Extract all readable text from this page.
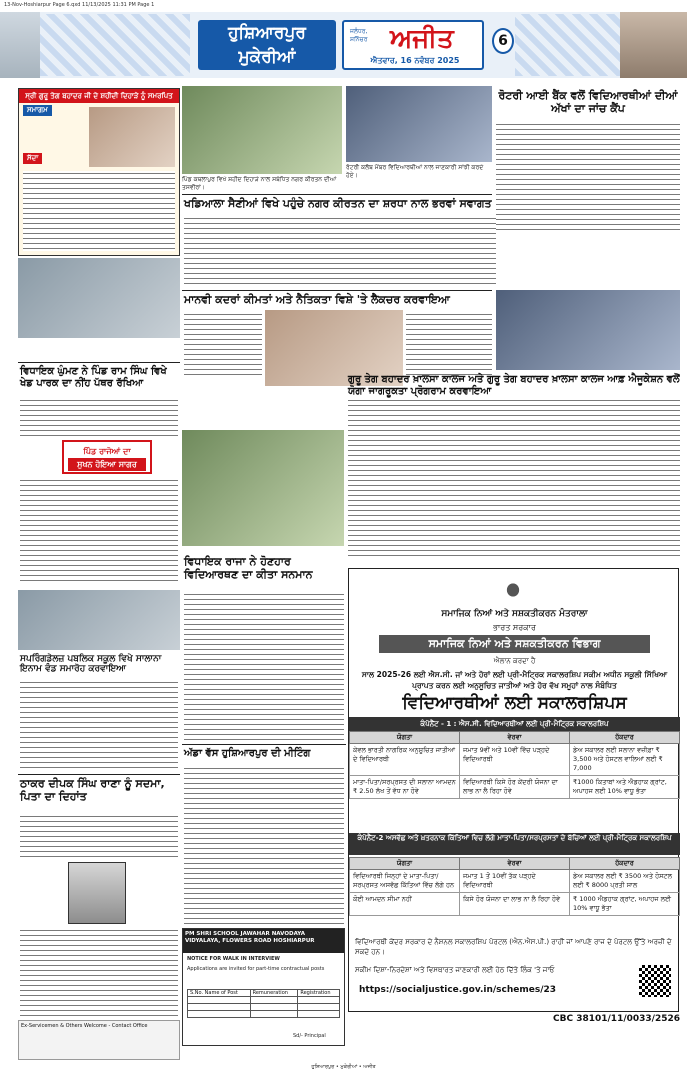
13-Nov-Hoshiarpur Page 6.qxd 11/13/2025 11:31 PM Page 1
ਹੁਸ਼ਿਆਰਪੁਰ
ਮੁਕੇਰੀਆਂ
ਜਲੰਧਰ, ਸ਼ਨਿੱਚਰ ਅਜੀਤ
ਐਤਵਾਰ, 16 ਨਵੰਬਰ 2025
6
ਸ੍ਰੀ ਗੁਰੂ ਤੇਗ ਬਹਾਦਰ ਜੀ ਦੇ ਸ਼ਹੀਦੀ ਦਿਹਾੜੇ ਨੂੰ ਸਮਰਪਿਤ
ਸਮਾਗਮ
ਸੱਦਾ
ਪਿੰਡ ਕਥਲਾਪੁਰ ਵਿਖੇ ਸ਼ਹੀਦ ਦਿਹਾੜੇ ਨਾਲ ਸਬੰਧਿਤ ਨਗਰ ਕੀਰਤਨ ਦੀਆਂ ਤਸਵੀਰਾਂ।
ਰੋਟਰੀ ਕਲੱਬ ਮੈਂਬਰ ਵਿਦਿਆਰਥੀਆਂ ਨਾਲ ਜਾਣਕਾਰੀ ਸਾਂਝੀ ਕਰਦੇ ਹੋਏ।
ਰੋਟਰੀ ਆਈ ਬੈਂਕ ਵਲੋਂ ਵਿਦਿਆਰਥੀਆਂ ਦੀਆਂ ਅੱਖਾਂ ਦਾ ਜਾਂਚ ਕੈਂਪ
ਖਡਿਆਲਾ ਸੈਣੀਆਂ ਵਿਖੇ ਪਹੁੰਚੇ ਨਗਰ ਕੀਰਤਨ ਦਾ ਸ਼ਰਧਾ ਨਾਲ ਭਰਵਾਂ ਸਵਾਗਤ
ਮਾਨਵੀ ਕਦਰਾਂ ਕੀਮਤਾਂ ਅਤੇ ਨੈਤਿਕਤਾ ਵਿਸ਼ੇ 'ਤੇ ਲੈਕਚਰ ਕਰਵਾਇਆ
ਵਿਧਾਇਕ ਘੁੰਮਣ ਨੇ ਪਿੰਡ ਰਾਮ ਸਿੰਘ ਵਿਖੇ ਖੇਡ ਪਾਰਕ ਦਾ ਨੀਂਹ ਪੱਥਰ ਰੱਖਿਆ
ਪਿੰਡ ਰਾਜੋਆਂ ਦਾ
ਸੁਖਨ ਹੋਇਆ ਸਾਗਰ
ਗੁਰੂ ਤੇਗ ਬਹਾਦਰ ਖ਼ਾਲਸਾ ਕਾਲਜ ਅਤੇ ਗੁਰੂ ਤੇਗ ਬਹਾਦਰ ਖ਼ਾਲਸਾ ਕਾਲਜ ਆਫ਼ ਐਜੂਕੇਸ਼ਨ ਵਲੋਂ ਯੋਗਾ ਜਾਗਰੂਕਤਾ ਪ੍ਰੋਗਰਾਮ ਕਰਵਾਇਆ
ਵਿਧਾਇਕ ਰਾਜਾ ਨੇ ਹੋਣਹਾਰ ਵਿਦਿਆਰਥਣ ਦਾ ਕੀਤਾ ਸਨਮਾਨ
ਸਪਰਿੰਗਡੇਲਜ਼ ਪਬਲਿਕ ਸਕੂਲ ਵਿਖੇ ਸਾਲਾਨਾ ਇਨਾਮ ਵੰਡ ਸਮਾਰੋਹ ਕਰਵਾਇਆ
ਅੱਡਾ ਵੱਸ ਹੁਸ਼ਿਆਰਪੁਰ ਦੀ ਮੀਟਿੰਗ
ਠਾਕਰ ਦੀਪਕ ਸਿੰਘ ਰਾਣਾ ਨੂੰ ਸਦਮਾ, ਪਿਤਾ ਦਾ ਦਿਹਾਂਤ
Ex-Servicemen & Others Welcome - Contact Office
PM SHRI SCHOOL JAWAHAR NAVODAYA VIDYALAYA, FLOWERS ROAD HOSHIARPUR
NOTICE FOR WALK IN INTERVIEW
Applications are invited for part-time contractual posts
S.No. Name of Post	Remuneration	Registration

Sd/- Principal
ਸਮਾਜਿਕ ਨਿਆਂ ਅਤੇ ਸਸ਼ਕਤੀਕਰਨ ਮੰਤਰਾਲਾ
ਭਾਰਤ ਸਰਕਾਰ
ਸਮਾਜਿਕ ਨਿਆਂ ਅਤੇ ਸਸ਼ਕਤੀਕਰਨ ਵਿਭਾਗ
ਐਲਾਨ ਕਰਦਾ ਹੈ
ਸਾਲ 2025-26 ਲਈ ਐਸ.ਸੀ. ਜਾਂ ਅਤੇ ਹੋਰਾਂ ਲਈ ਪ੍ਰੀ-ਮੈਟ੍ਰਿਕ ਸਕਾਲਰਸ਼ਿਪ ਸਕੀਮ ਅਧੀਨ ਸਕੂਲੀ ਸਿੱਖਿਆ ਪ੍ਰਾਪਤ ਕਰਨ ਲਈ ਅਨੁਸੂਚਿਤ ਜਾਤੀਆਂ ਅਤੇ ਹੋਰ ਵੱਖ ਸਮੂਹਾਂ ਨਾਲ ਸੰਬੰਧਿਤ
ਵਿਦਿਆਰਥੀਆਂ ਲਈ ਸਕਾਲਰਸ਼ਿਪਸ
ਕੰਪੋਨੈਂਟ - 1 : ਐਸ.ਸੀ. ਵਿਦਿਆਰਥੀਆਂ ਲਈ ਪ੍ਰੀ-ਮੈਟ੍ਰਿਕ ਸਕਾਲਰਸ਼ਿਪ
ਯੋਗਤਾ	ਵੇਰਵਾ	ਹੱਕਦਾਰ
ਕੇਵਲ ਭਾਰਤੀ ਨਾਗਰਿਕ ਅਨੁਸੂਚਿਤ ਜਾਤੀਆਂ ਦੇ ਵਿਦਿਆਰਥੀ	ਜਮਾਤ 9ਵੀਂ ਅਤੇ 10ਵੀਂ ਵਿੱਚ ਪੜ੍ਹਦੇ ਵਿਦਿਆਰਥੀ	ਡੇਅ ਸਕਾਲਰ ਲਈ ਸਲਾਨਾ ਵਜ਼ੀਫ਼ਾ ₹ 3,500 ਅਤੇ ਹੋਸਟਲ ਵਾਲਿਆਂ ਲਈ ₹ 7,000
ਮਾਤਾ-ਪਿਤਾ/ਸਰਪ੍ਰਸਤ ਦੀ ਸਲਾਨਾ ਆਮਦਨ ₹ 2.50 ਲੱਖ ਤੋਂ ਵੱਧ ਨਾ ਹੋਵੇ	ਵਿਦਿਆਰਥੀ ਕਿਸੇ ਹੋਰ ਕੇਂਦਰੀ ਯੋਜਨਾ ਦਾ ਲਾਭ ਨਾ ਲੈ ਰਿਹਾ ਹੋਵੇ	₹1000 ਕਿਤਾਬਾਂ ਅਤੇ ਐਡਹਾਕ ਗ੍ਰਾਂਟ, ਅਪਾਹਜ ਲਈ 10% ਵਾਧੂ ਭੱਤਾ
ਕੰਪੋਨੈਂਟ-2 ਅਸਵੱਛ ਅਤੇ ਖ਼ਤਰਨਾਕ ਕਿੱਤਿਆਂ ਵਿਚ ਲੱਗੇ ਮਾਤਾ-ਪਿਤਾ/ਸਰਪ੍ਰਸਤਾਂ ਦੇ ਬੱਚਿਆਂ ਲਈ ਪ੍ਰੀ-ਮੈਟ੍ਰਿਕ ਸਕਾਲਰਸ਼ਿਪ
ਯੋਗਤਾ	ਵੇਰਵਾ	ਹੱਕਦਾਰ
ਵਿਦਿਆਰਥੀ ਜਿਨ੍ਹਾਂ ਦੇ ਮਾਤਾ-ਪਿਤਾ/ਸਰਪ੍ਰਸਤ ਅਸਵੱਛ ਕਿੱਤਿਆਂ ਵਿੱਚ ਲੱਗੇ ਹਨ	ਜਮਾਤ 1 ਤੋਂ 10ਵੀਂ ਤੱਕ ਪੜ੍ਹਦੇ ਵਿਦਿਆਰਥੀ	ਡੇਅ ਸਕਾਲਰ ਲਈ ₹ 3500 ਅਤੇ ਹੋਸਟਲ ਲਈ ₹ 8000 ਪ੍ਰਤੀ ਸਾਲ
ਕੋਈ ਆਮਦਨ ਸੀਮਾ ਨਹੀਂ	ਕਿਸੇ ਹੋਰ ਯੋਜਨਾ ਦਾ ਲਾਭ ਨਾ ਲੈ ਰਿਹਾ ਹੋਵੇ	₹ 1000 ਐਡਹਾਕ ਗ੍ਰਾਂਟ, ਅਪਾਹਜ ਲਈ 10% ਵਾਧੂ ਭੱਤਾ
ਵਿਦਿਆਰਥੀ ਕੇਂਦਰ ਸਰਕਾਰ ਦੇ ਨੈਸ਼ਨਲ ਸਕਾਲਰਸ਼ਿਪ ਪੋਰਟਲ (ਐਨ.ਐਸ.ਪੀ.) ਰਾਹੀਂ ਜਾਂ ਆਪਣੇ ਰਾਜ ਦੇ ਪੋਰਟਲ ਉੱਤੇ ਅਰਜ਼ੀ ਦੇ ਸਕਦੇ ਹਨ।
ਸਕੀਮ ਦਿਸ਼ਾ-ਨਿਰਦੇਸ਼ਾਂ ਅਤੇ ਵਿਸਥਾਰਤ ਜਾਣਕਾਰੀ ਲਈ ਹੇਠ ਦਿੱਤੇ ਲਿੰਕ 'ਤੇ ਜਾਓ
https://socialjustice.gov.in/schemes/23
CBC 38101/11/0033/2526
ਹੁਸ਼ਿਆਰਪੁਰ • ਮੁਕੇਰੀਆਂ • ਅਜੀਤ
